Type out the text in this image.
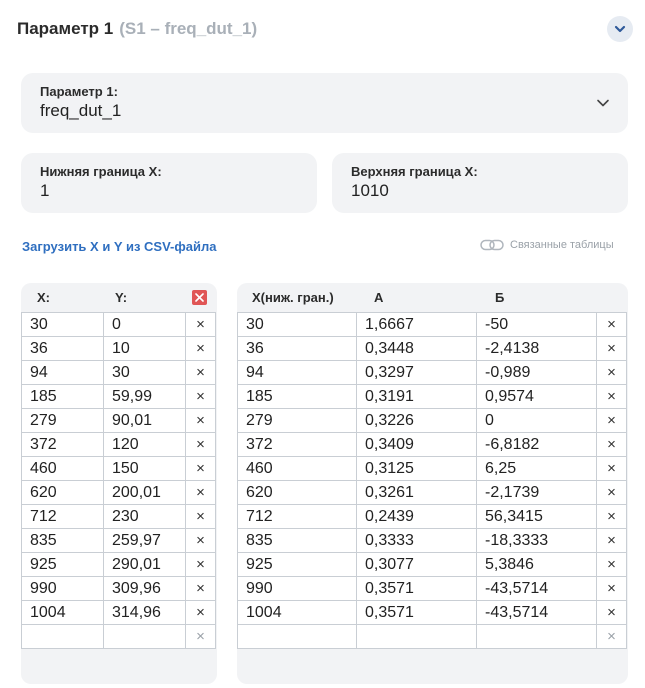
Параметр 1 (S1 – freq_dut_1)
Параметр 1:
freq_dut_1
Нижняя граница X:
1
Верхняя граница X:
1010
Загрузить X и Y из CSV-файла	Связанные таблицы
X:	Y:
30	0	×
36	10	×
94	30	×
185	59,99	×
279	90,01	×
372	120	×
460	150	×
620	200,01	×
712	230	×
835	259,97	×
925	290,01	×
990	309,96	×
1004	314,96	×
		×
X(ниж. гран.)	А	Б
30	1,6667	-50	×
36	0,3448	-2,4138	×
94	0,3297	-0,989	×
185	0,3191	0,9574	×
279	0,3226	0	×
372	0,3409	-6,8182	×
460	0,3125	6,25	×
620	0,3261	-2,1739	×
712	0,2439	56,3415	×
835	0,3333	-18,3333	×
925	0,3077	5,3846	×
990	0,3571	-43,5714	×
1004	0,3571	-43,5714	×
			×
